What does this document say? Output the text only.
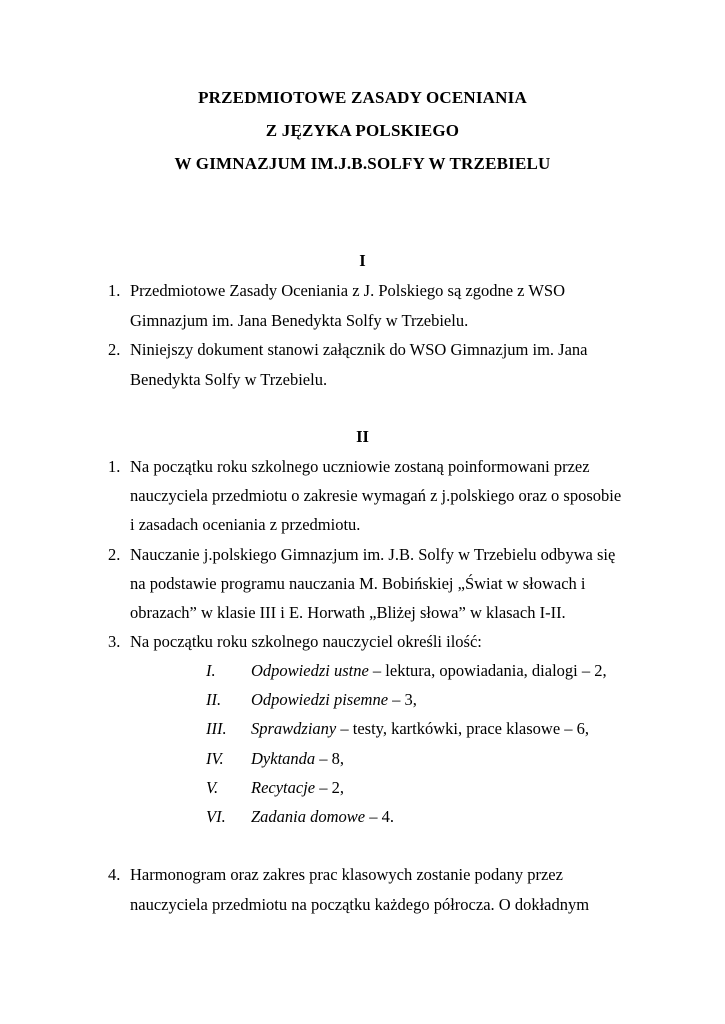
PRZEDMIOTOWE ZASADY OCENIANIA
Z JĘZYKA POLSKIEGO
W GIMNAZJUM IM.J.B.SOLFY W TRZEBIELU
I
1. Przedmiotowe Zasady Oceniania z J. Polskiego są zgodne z WSO
Gimnazjum im. Jana Benedykta Solfy w Trzebielu.
2. Niniejszy dokument stanowi załącznik do WSO Gimnazjum im. Jana
Benedykta Solfy w Trzebielu.
II
1. Na początku roku szkolnego uczniowie zostaną poinformowani przez
nauczyciela przedmiotu o zakresie wymagań z j.polskiego oraz o sposobie
i zasadach oceniania z przedmiotu.
2. Nauczanie j.polskiego Gimnazjum im. J.B. Solfy w Trzebielu odbywa się
na podstawie programu nauczania M. Bobińskiej „Świat w słowach i
obrazach” w klasie III i E. Horwath „Bliżej słowa” w klasach I-II.
3. Na początku roku szkolnego nauczyciel określi ilość:
I. Odpowiedzi ustne – lektura, opowiadania, dialogi – 2,
II. Odpowiedzi pisemne – 3,
III. Sprawdziany – testy, kartkówki, prace klasowe – 6,
IV. Dyktanda – 8,
V. Recytacje – 2,
VI. Zadania domowe – 4.
4. Harmonogram oraz zakres prac klasowych zostanie podany przez
nauczyciela przedmiotu na początku każdego półrocza. O dokładnym
